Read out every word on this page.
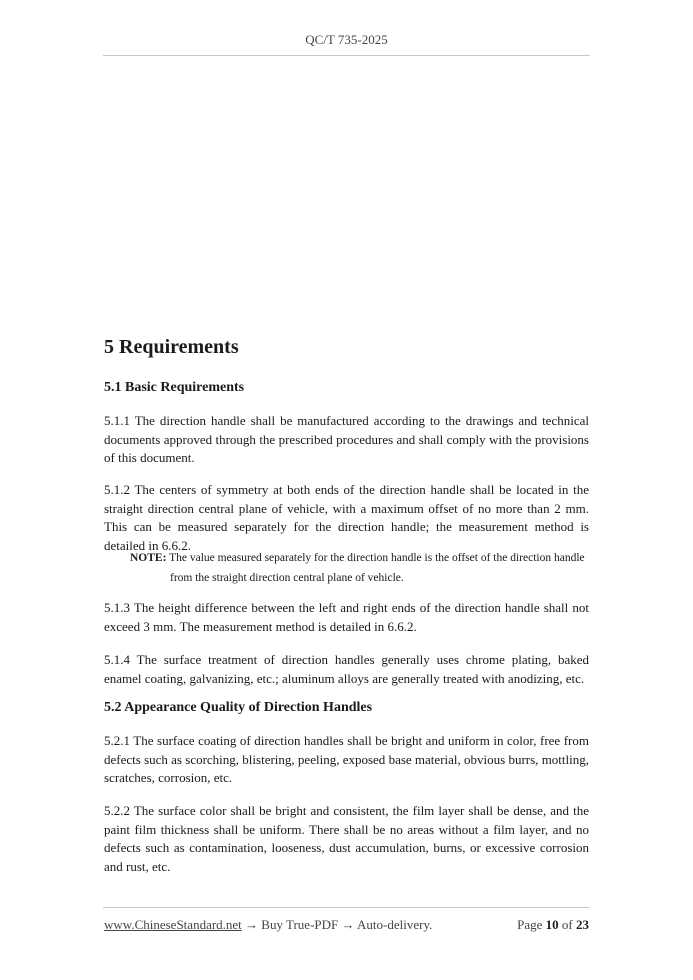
QC/T 735-2025
5 Requirements
5.1 Basic Requirements
5.1.1 The direction handle shall be manufactured according to the drawings and technical documents approved through the prescribed procedures and shall comply with the provisions of this document.
5.1.2 The centers of symmetry at both ends of the direction handle shall be located in the straight direction central plane of vehicle, with a maximum offset of no more than 2 mm. This can be measured separately for the direction handle; the measurement method is detailed in 6.6.2.
NOTE: The value measured separately for the direction handle is the offset of the direction handle
from the straight direction central plane of vehicle.
5.1.3 The height difference between the left and right ends of the direction handle shall not exceed 3 mm. The measurement method is detailed in 6.6.2.
5.1.4 The surface treatment of direction handles generally uses chrome plating, baked enamel coating, galvanizing, etc.; aluminum alloys are generally treated with anodizing, etc.
5.2 Appearance Quality of Direction Handles
5.2.1 The surface coating of direction handles shall be bright and uniform in color, free from defects such as scorching, blistering, peeling, exposed base material, obvious burrs, mottling, scratches, corrosion, etc.
5.2.2 The surface color shall be bright and consistent, the film layer shall be dense, and the paint film thickness shall be uniform. There shall be no areas without a film layer, and no defects such as contamination, looseness, dust accumulation, burns, or excessive corrosion and rust, etc.
www.ChineseStandard.net → Buy True-PDF → Auto-delivery.	Page 10 of 23
